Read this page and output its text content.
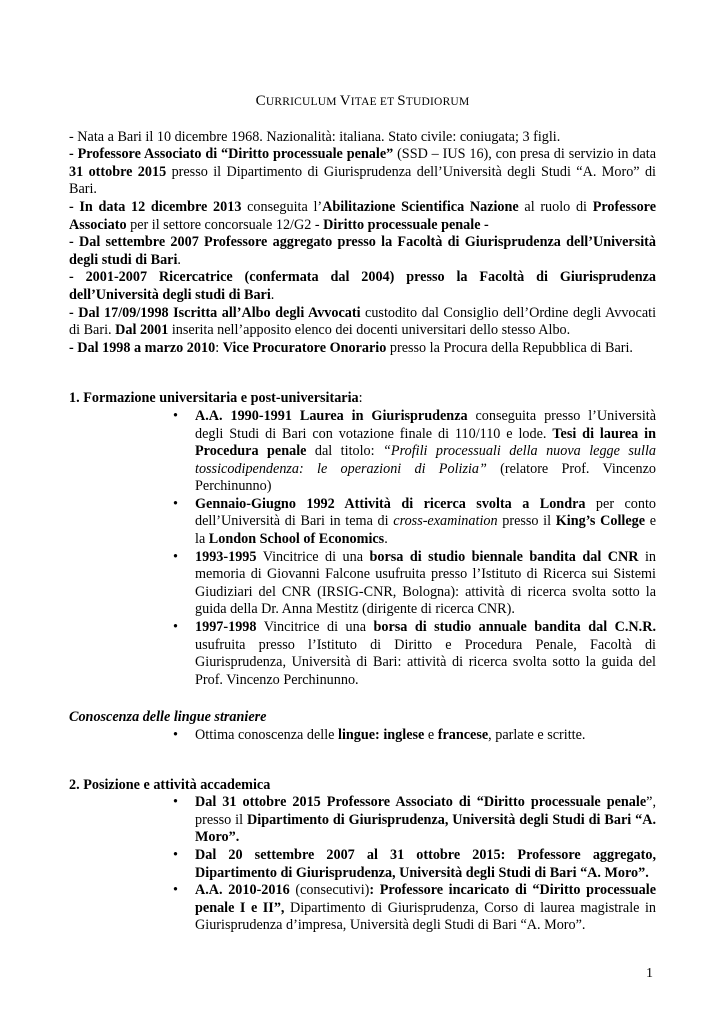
CURRICULUM VITAE ET STUDIORUM

- Nata a Bari il 10 dicembre 1968. Nazionalità: italiana. Stato civile: coniugata; 3 figli.

- Professore Associato di “Diritto processuale penale” (SSD – IUS 16), con presa di servizio in data 31 ottobre 2015 presso il Dipartimento di Giurisprudenza dell’Università degli Studi “A. Moro” di Bari.

- In data 12 dicembre 2013 conseguita l’Abilitazione Scientifica Nazione al ruolo di Professore Associato per il settore concorsuale 12/G2 - Diritto processuale penale -

- Dal settembre 2007 Professore aggregato presso la Facoltà di Giurisprudenza dell’Università degli studi di Bari.

- 2001-2007 Ricercatrice (confermata dal 2004) presso la Facoltà di Giurisprudenza dell’Università degli studi di Bari.

- Dal 17/09/1998 Iscritta all’Albo degli Avvocati custodito dal Consiglio dell’Ordine degli Avvocati di Bari. Dal 2001 inserita nell’apposito elenco dei docenti universitari dello stesso Albo.

- Dal 1998 a marzo 2010: Vice Procuratore Onorario presso la Procura della Repubblica di Bari.

1. Formazione universitaria e post-universitaria:

• A.A. 1990-1991 Laurea in Giurisprudenza conseguita presso l’Università degli Studi di Bari con votazione finale di 110/110 e lode. Tesi di laurea in Procedura penale dal titolo: “Profili processuali della nuova legge sulla tossicodipendenza: le operazioni di Polizia” (relatore Prof. Vincenzo Perchinunno)
• Gennaio-Giugno 1992 Attività di ricerca svolta a Londra per conto dell’Università di Bari in tema di cross-examination presso il King’s College e la London School of Economics.
• 1993-1995 Vincitrice di una borsa di studio biennale bandita dal CNR in memoria di Giovanni Falcone usufruita presso l’Istituto di Ricerca sui Sistemi Giudiziari del CNR (IRSIG-CNR, Bologna): attività di ricerca svolta sotto la guida della Dr. Anna Mestitz (dirigente di ricerca CNR).
• 1997-1998 Vincitrice di una borsa di studio annuale bandita dal C.N.R. usufruita presso l’Istituto di Diritto e Procedura Penale, Facoltà di Giurisprudenza, Università di Bari: attività di ricerca svolta sotto la guida del Prof. Vincenzo Perchinunno.

Conoscenza delle lingue straniere

• Ottima conoscenza delle lingue: inglese e francese, parlate e scritte.

2. Posizione e attività accademica

• Dal 31 ottobre 2015 Professore Associato di “Diritto processuale penale”, presso il Dipartimento di Giurisprudenza, Università degli Studi di Bari “A. Moro”.
• Dal 20 settembre 2007 al 31 ottobre 2015: Professore aggregato, Dipartimento di Giurisprudenza, Università degli Studi di Bari “A. Moro”.
• A.A. 2010-2016 (consecutivi): Professore incaricato di “Diritto processuale penale I e II”, Dipartimento di Giurisprudenza, Corso di laurea magistrale in Giurisprudenza d’impresa, Università degli Studi di Bari “A. Moro”.
1
